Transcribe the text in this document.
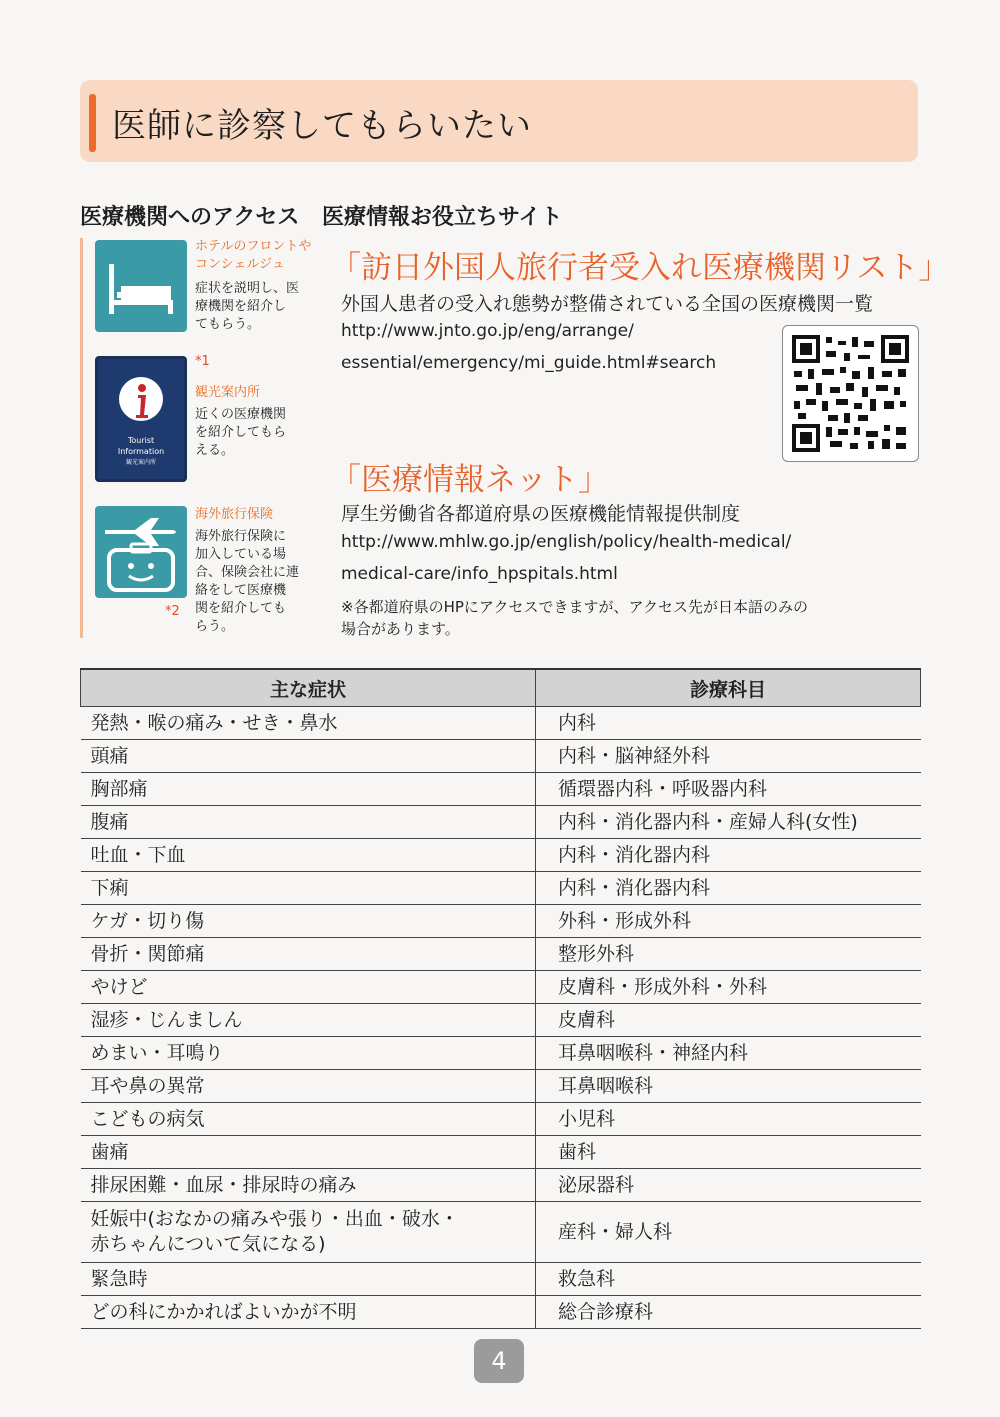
医師に診察してもらいたい
医療機関へのアクセス 医療情報お役立ちサイト
ホテルのフロントや
コンシェルジュ
症状を説明し、医
療機関を紹介し
てもらう。
*1
Tourist
Information
観光案内所
観光案内所
近くの医療機関
を紹介してもら
える。
海外旅行保険
海外旅行保険に
加入している場
合、保険会社に連
絡をして医療機
関を紹介しても
らう。
*2
「訪日外国人旅行者受入れ医療機関リスト」
外国人患者の受入れ態勢が整備されている全国の医療機関一覧
http://www.jnto.go.jp/eng/arrange/
essential/emergency/mi_guide.html#search
「医療情報ネット」
厚生労働省各都道府県の医療機能情報提供制度
http://www.mhlw.go.jp/english/policy/health-medical/
medical-care/info_hpspitals.html
※各都道府県のHPにアクセスできますが、アクセス先が日本語のみの
場合があります。
主な症状	診療科目
発熱・喉の痛み・せき・鼻水	内科
頭痛	内科・脳神経外科
胸部痛	循環器内科・呼吸器内科
腹痛	内科・消化器内科・産婦人科(女性)
吐血・下血	内科・消化器内科
下痢	内科・消化器内科
ケガ・切り傷	外科・形成外科
骨折・関節痛	整形外科
やけど	皮膚科・形成外科・外科
湿疹・じんましん	皮膚科
めまい・耳鳴り	耳鼻咽喉科・神経内科
耳や鼻の異常	耳鼻咽喉科
こどもの病気	小児科
歯痛	歯科
排尿困難・血尿・排尿時の痛み	泌尿器科

妊娠中(おなかの痛みや張り・出血・破水・
赤ちゃんについて気になる)	産科・婦人科
緊急時	救急科
どの科にかかればよいかが不明	総合診療科
4
